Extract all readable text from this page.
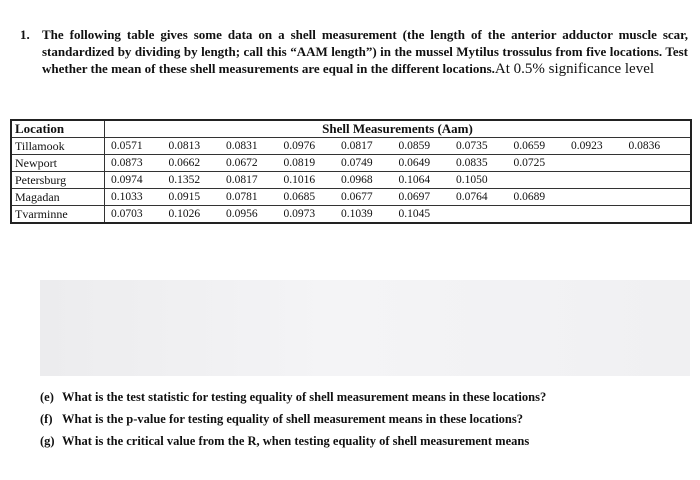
1. The following table gives some data on a shell measurement (the length of the anterior adductor muscle scar, standardized by dividing by length; call this “AAM length”) in the mussel Mytilus trossulus from five locations. Test whether the mean of these shell measurements are equal in the different locations.At 0.5% significance level
Location	Shell Measurements (Aam)
Tillamook	0.0571 0.0813 0.0831 0.0976 0.0817 0.0859 0.0735 0.0659 0.0923 0.0836
Newport	0.0873 0.0662 0.0672 0.0819 0.0749 0.0649 0.0835 0.0725
Petersburg	0.0974 0.1352 0.0817 0.1016 0.0968 0.1064 0.1050
Magadan	0.1033 0.0915 0.0781 0.0685 0.0677 0.0697 0.0764 0.0689
Tvarminne	0.0703 0.1026 0.0956 0.0973 0.1039 0.1045
(e) What is the test statistic for testing equality of shell measurement means in these locations?
(f) What is the p-value for testing equality of shell measurement means in these locations?
(g) What is the critical value from the R, when testing equality of shell measurement means
